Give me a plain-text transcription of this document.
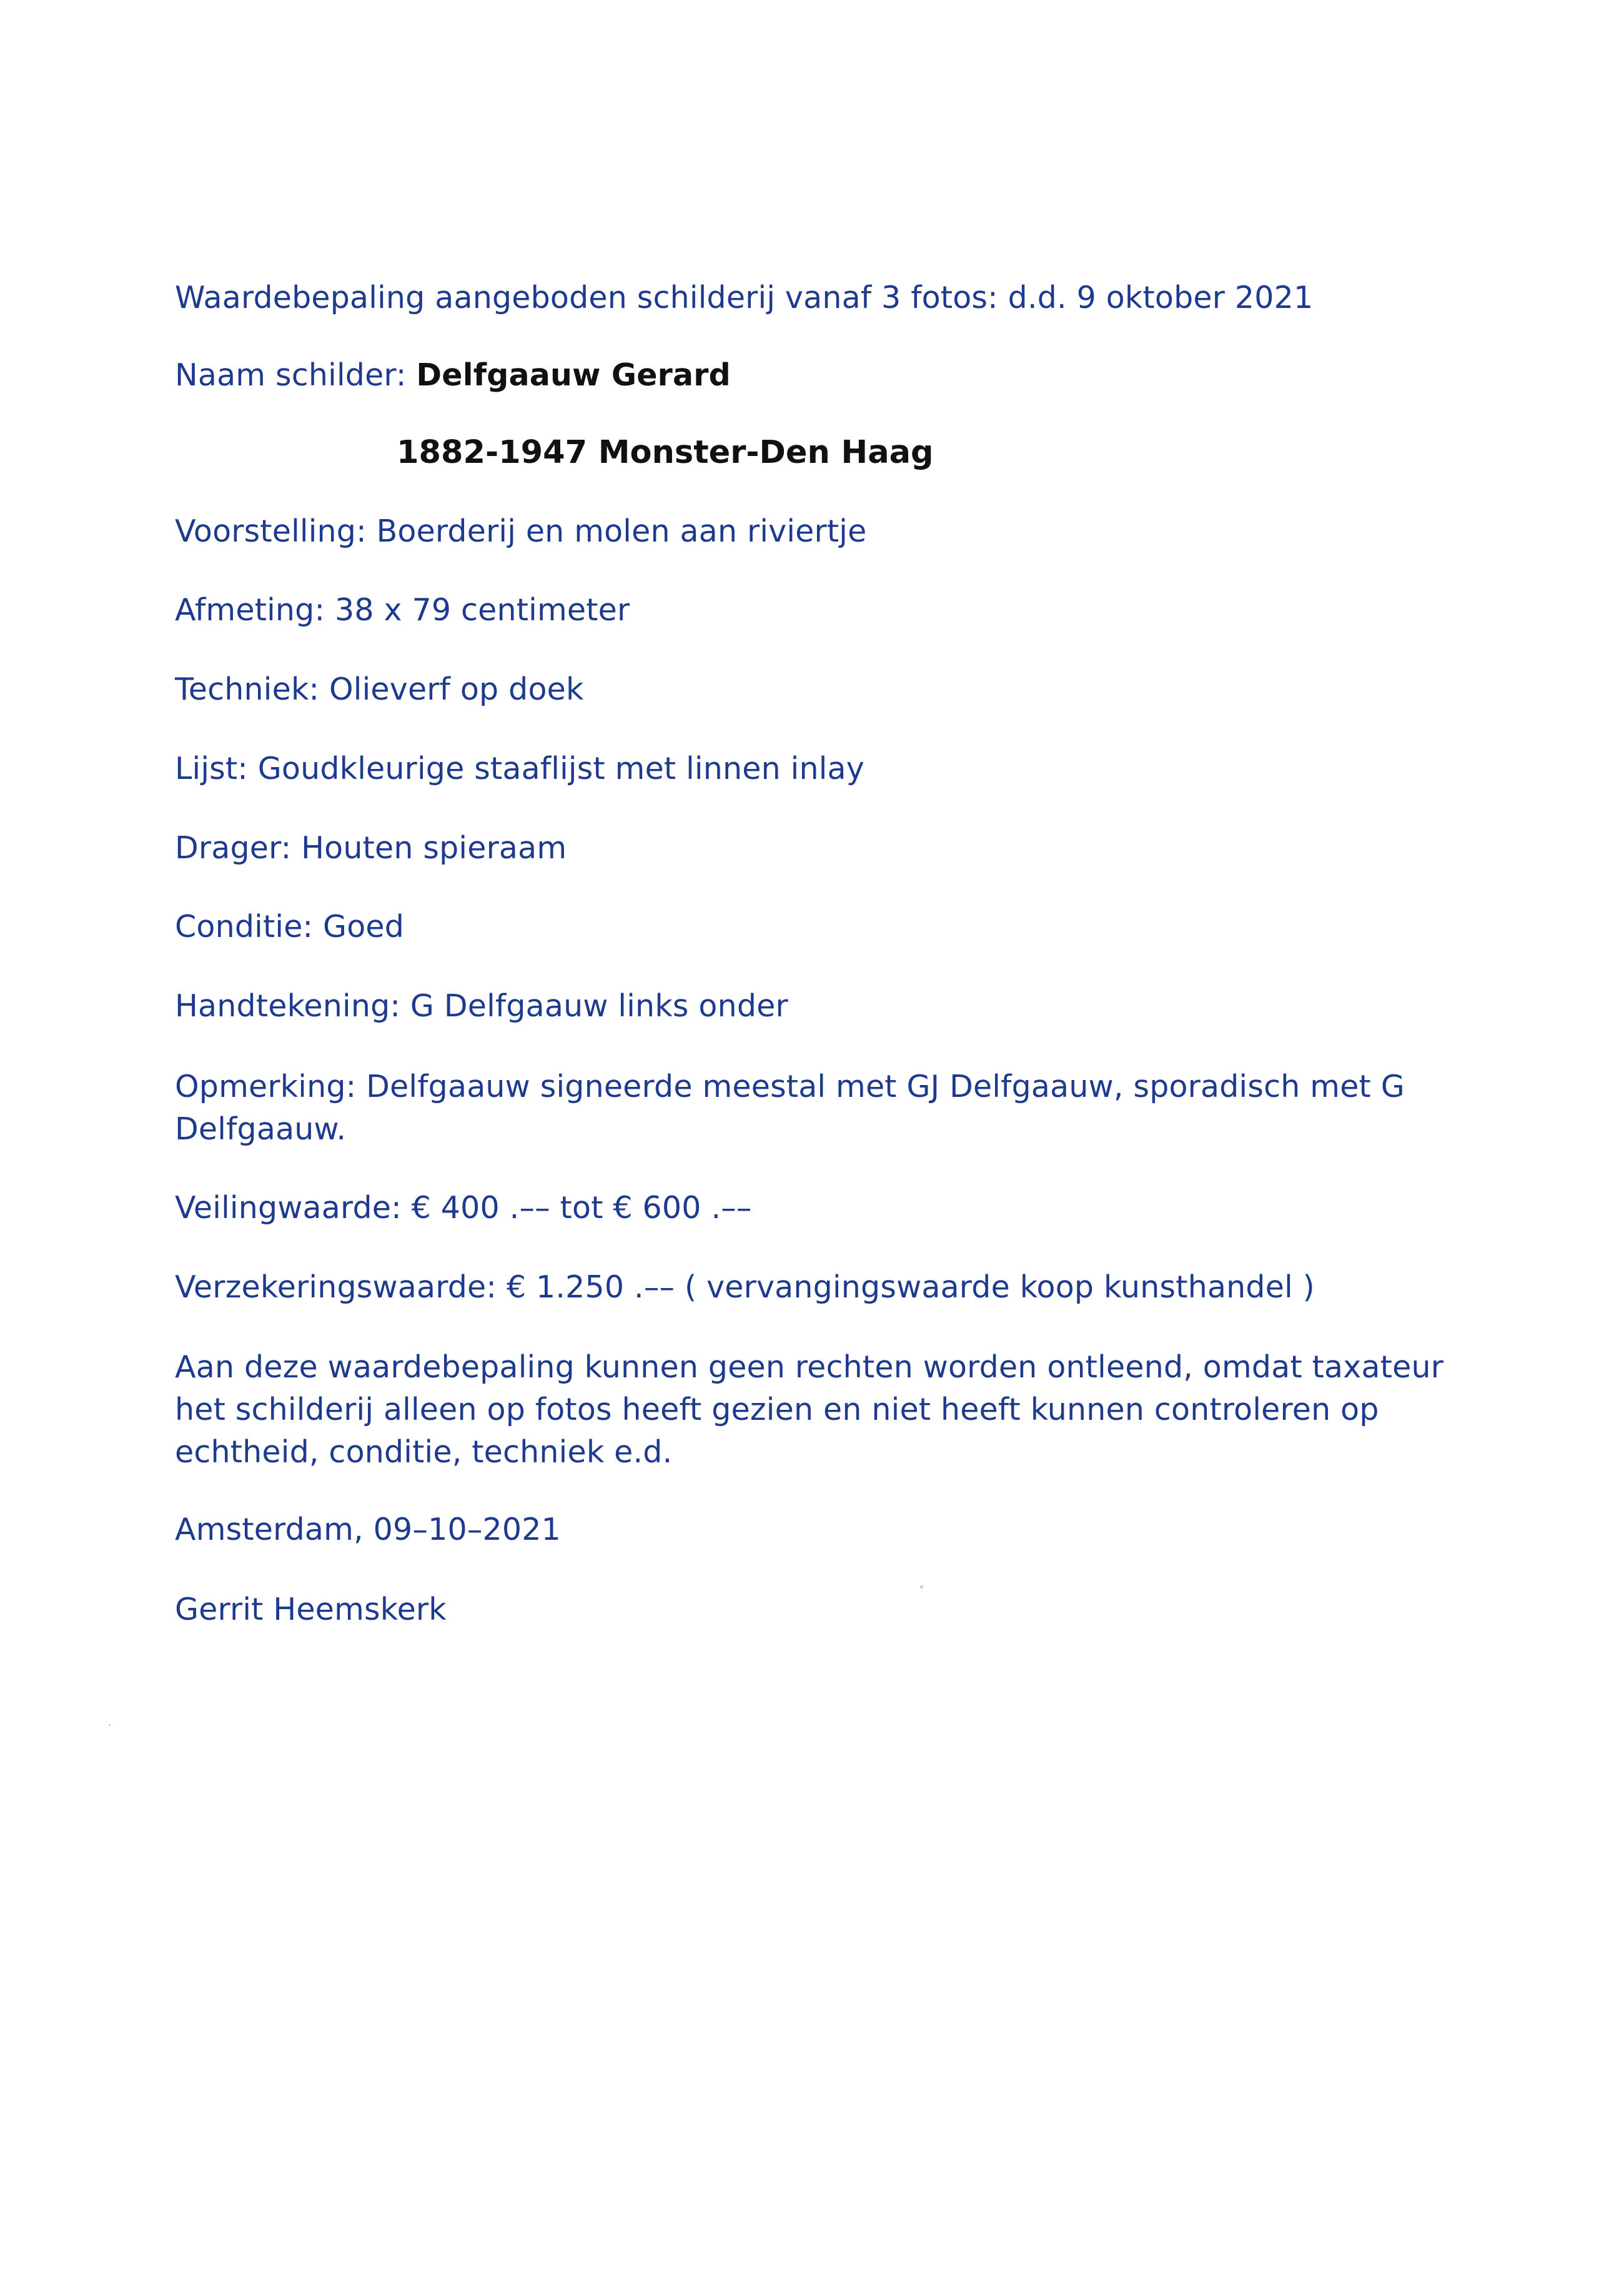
Waardebepaling aangeboden schilderij vanaf 3 fotos: d.d. 9 oktober 2021
Naam schilder: Delfgaauw Gerard
1882-1947 Monster-Den Haag
Voorstelling: Boerderij en molen aan riviertje
Afmeting: 38 x 79 centimeter
Techniek: Olieverf op doek
Lijst: Goudkleurige staaflijst met linnen inlay
Drager: Houten spieraam
Conditie: Goed
Handtekening: G Delfgaauw links onder
Opmerking: Delfgaauw signeerde meestal met GJ Delfgaauw, sporadisch met G Delfgaauw.
Veilingwaarde: € 400 .–– tot € 600 .––
Verzekeringswaarde: € 1.250 .–– ( vervangingswaarde koop kunsthandel )
Aan deze waardebepaling kunnen geen rechten worden ontleend, omdat taxateur het schilderij alleen op fotos heeft gezien en niet heeft kunnen controleren op echtheid, conditie, techniek e.d.
Amsterdam, 09–10–2021
Gerrit Heemskerk
